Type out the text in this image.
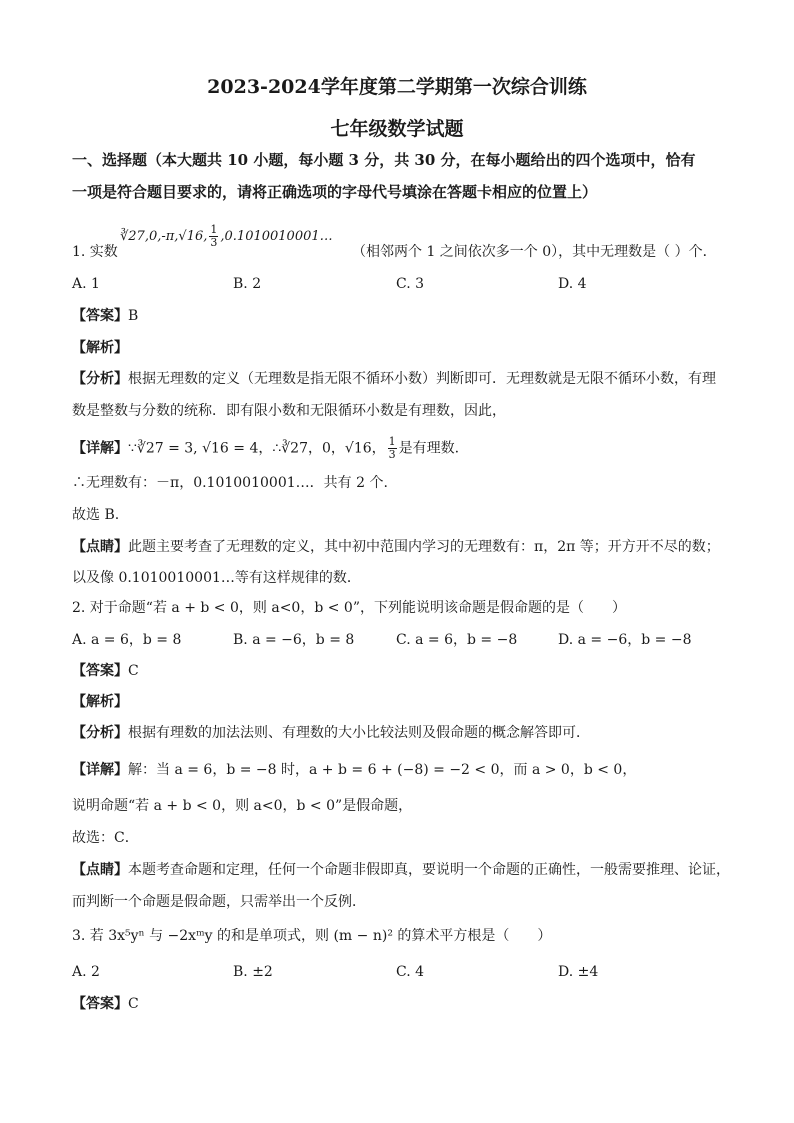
2023-2024学年度第二学期第一次综合训练
七年级数学试题
一、选择题（本大题共 10 小题，每小题 3 分，共 30 分，在每小题给出的四个选项中，恰有
一项是符合题目要求的，请将正确选项的字母代号填涂在答题卡相应的位置上）
1. 实数
∛27,0,-π,√16, $\frac{1}{3}$ ,0.1010010001…
（相邻两个 1 之间依次多一个 0），其中无理数是（ ）个．
A. 1	B. 2	C. 3	D. 4
【答案】B
【解析】
【分析】根据无理数的定义（无理数是指无限不循环小数）判断即可．无理数就是无限不循环小数，有理
数是整数与分数的统称．即有限小数和无限循环小数是有理数，因此，
【详解】∵∛27 = 3, √16 = 4，∴∛27，0，√16， $\frac{1}{3}$ 是有理数.
∴无理数有：－π，0.1010010001…．共有 2 个.
故选 B.
【点睛】此题主要考查了无理数的定义，其中初中范围内学习的无理数有：π，2π 等；开方开不尽的数；
以及像 0.1010010001…等有这样规律的数．
2. 对于命题“若 a + b < 0，则 a<0，b < 0”，下列能说明该命题是假命题的是（　　）
A. a = 6，b = 8	B. a = −6，b = 8	C. a = 6，b = −8	D. a = −6，b = −8
【答案】C
【解析】
【分析】根据有理数的加法法则、有理数的大小比较法则及假命题的概念解答即可．
【详解】解：当 a = 6，b = −8 时，a + b = 6 + (−8) = −2 < 0，而 a > 0，b < 0，
说明命题“若 a + b < 0，则 a<0，b < 0”是假命题，
故选：C．
【点睛】本题考查命题和定理，任何一个命题非假即真，要说明一个命题的正确性，一般需要推理、论证，
而判断一个命题是假命题，只需举出一个反例．
3. 若 3x⁵yⁿ 与 −2xᵐy 的和是单项式，则 (m − n)² 的算术平方根是（　　）
A. 2	B. ±2	C. 4	D. ±4
【答案】C
